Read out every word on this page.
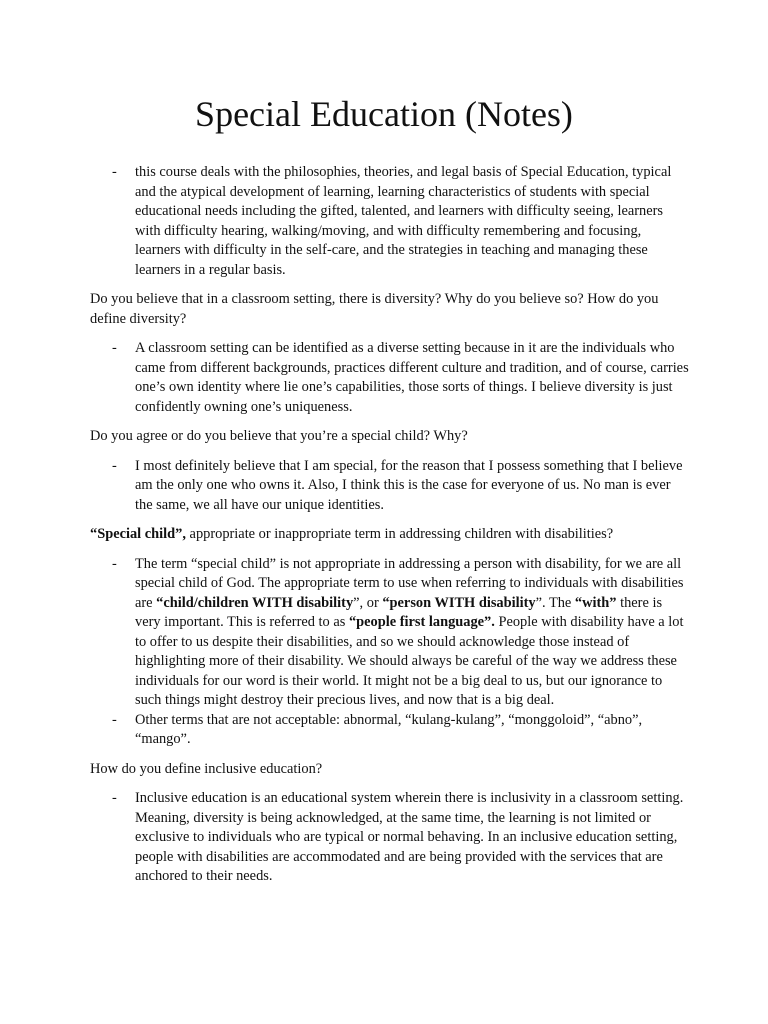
Special Education (Notes)
- this course deals with the philosophies, theories, and legal basis of Special Education, typical and the atypical development of learning, learning characteristics of students with special educational needs including the gifted, talented, and learners with difficulty seeing, learners with difficulty hearing, walking/moving, and with difficulty remembering and focusing, learners with difficulty in the self-care, and the strategies in teaching and managing these learners in a regular basis.

Do you believe that in a classroom setting, there is diversity? Why do you believe so? How do you define diversity?

- A classroom setting can be identified as a diverse setting because in it are the individuals who came from different backgrounds, practices different culture and tradition, and of course, carries one’s own identity where lie one’s capabilities, those sorts of things. I believe diversity is just confidently owning one’s uniqueness.

Do you agree or do you believe that you’re a special child? Why?

- I most definitely believe that I am special, for the reason that I possess something that I believe am the only one who owns it. Also, I think this is the case for everyone of us. No man is ever the same, we all have our unique identities.

“Special child”, appropriate or inappropriate term in addressing children with disabilities?

- The term “special child” is not appropriate in addressing a person with disability, for we are all special child of God. The appropriate term to use when referring to individuals with disabilities are “child/children WITH disability”, or “person WITH disability”. The “with” there is very important. This is referred to as “people first language”. People with disability have a lot to offer to us despite their disabilities, and so we should acknowledge those instead of highlighting more of their disability. We should always be careful of the way we address these individuals for our word is their world. It might not be a big deal to us, but our ignorance to such things might destroy their precious lives, and now that is a big deal.
- Other terms that are not acceptable: abnormal, “kulang-kulang”, “monggoloid”, “abno”, “mango”.

How do you define inclusive education?

- Inclusive education is an educational system wherein there is inclusivity in a classroom setting. Meaning, diversity is being acknowledged, at the same time, the learning is not limited or exclusive to individuals who are typical or normal behaving. In an inclusive education setting, people with disabilities are accommodated and are being provided with the services that are anchored to their needs.
